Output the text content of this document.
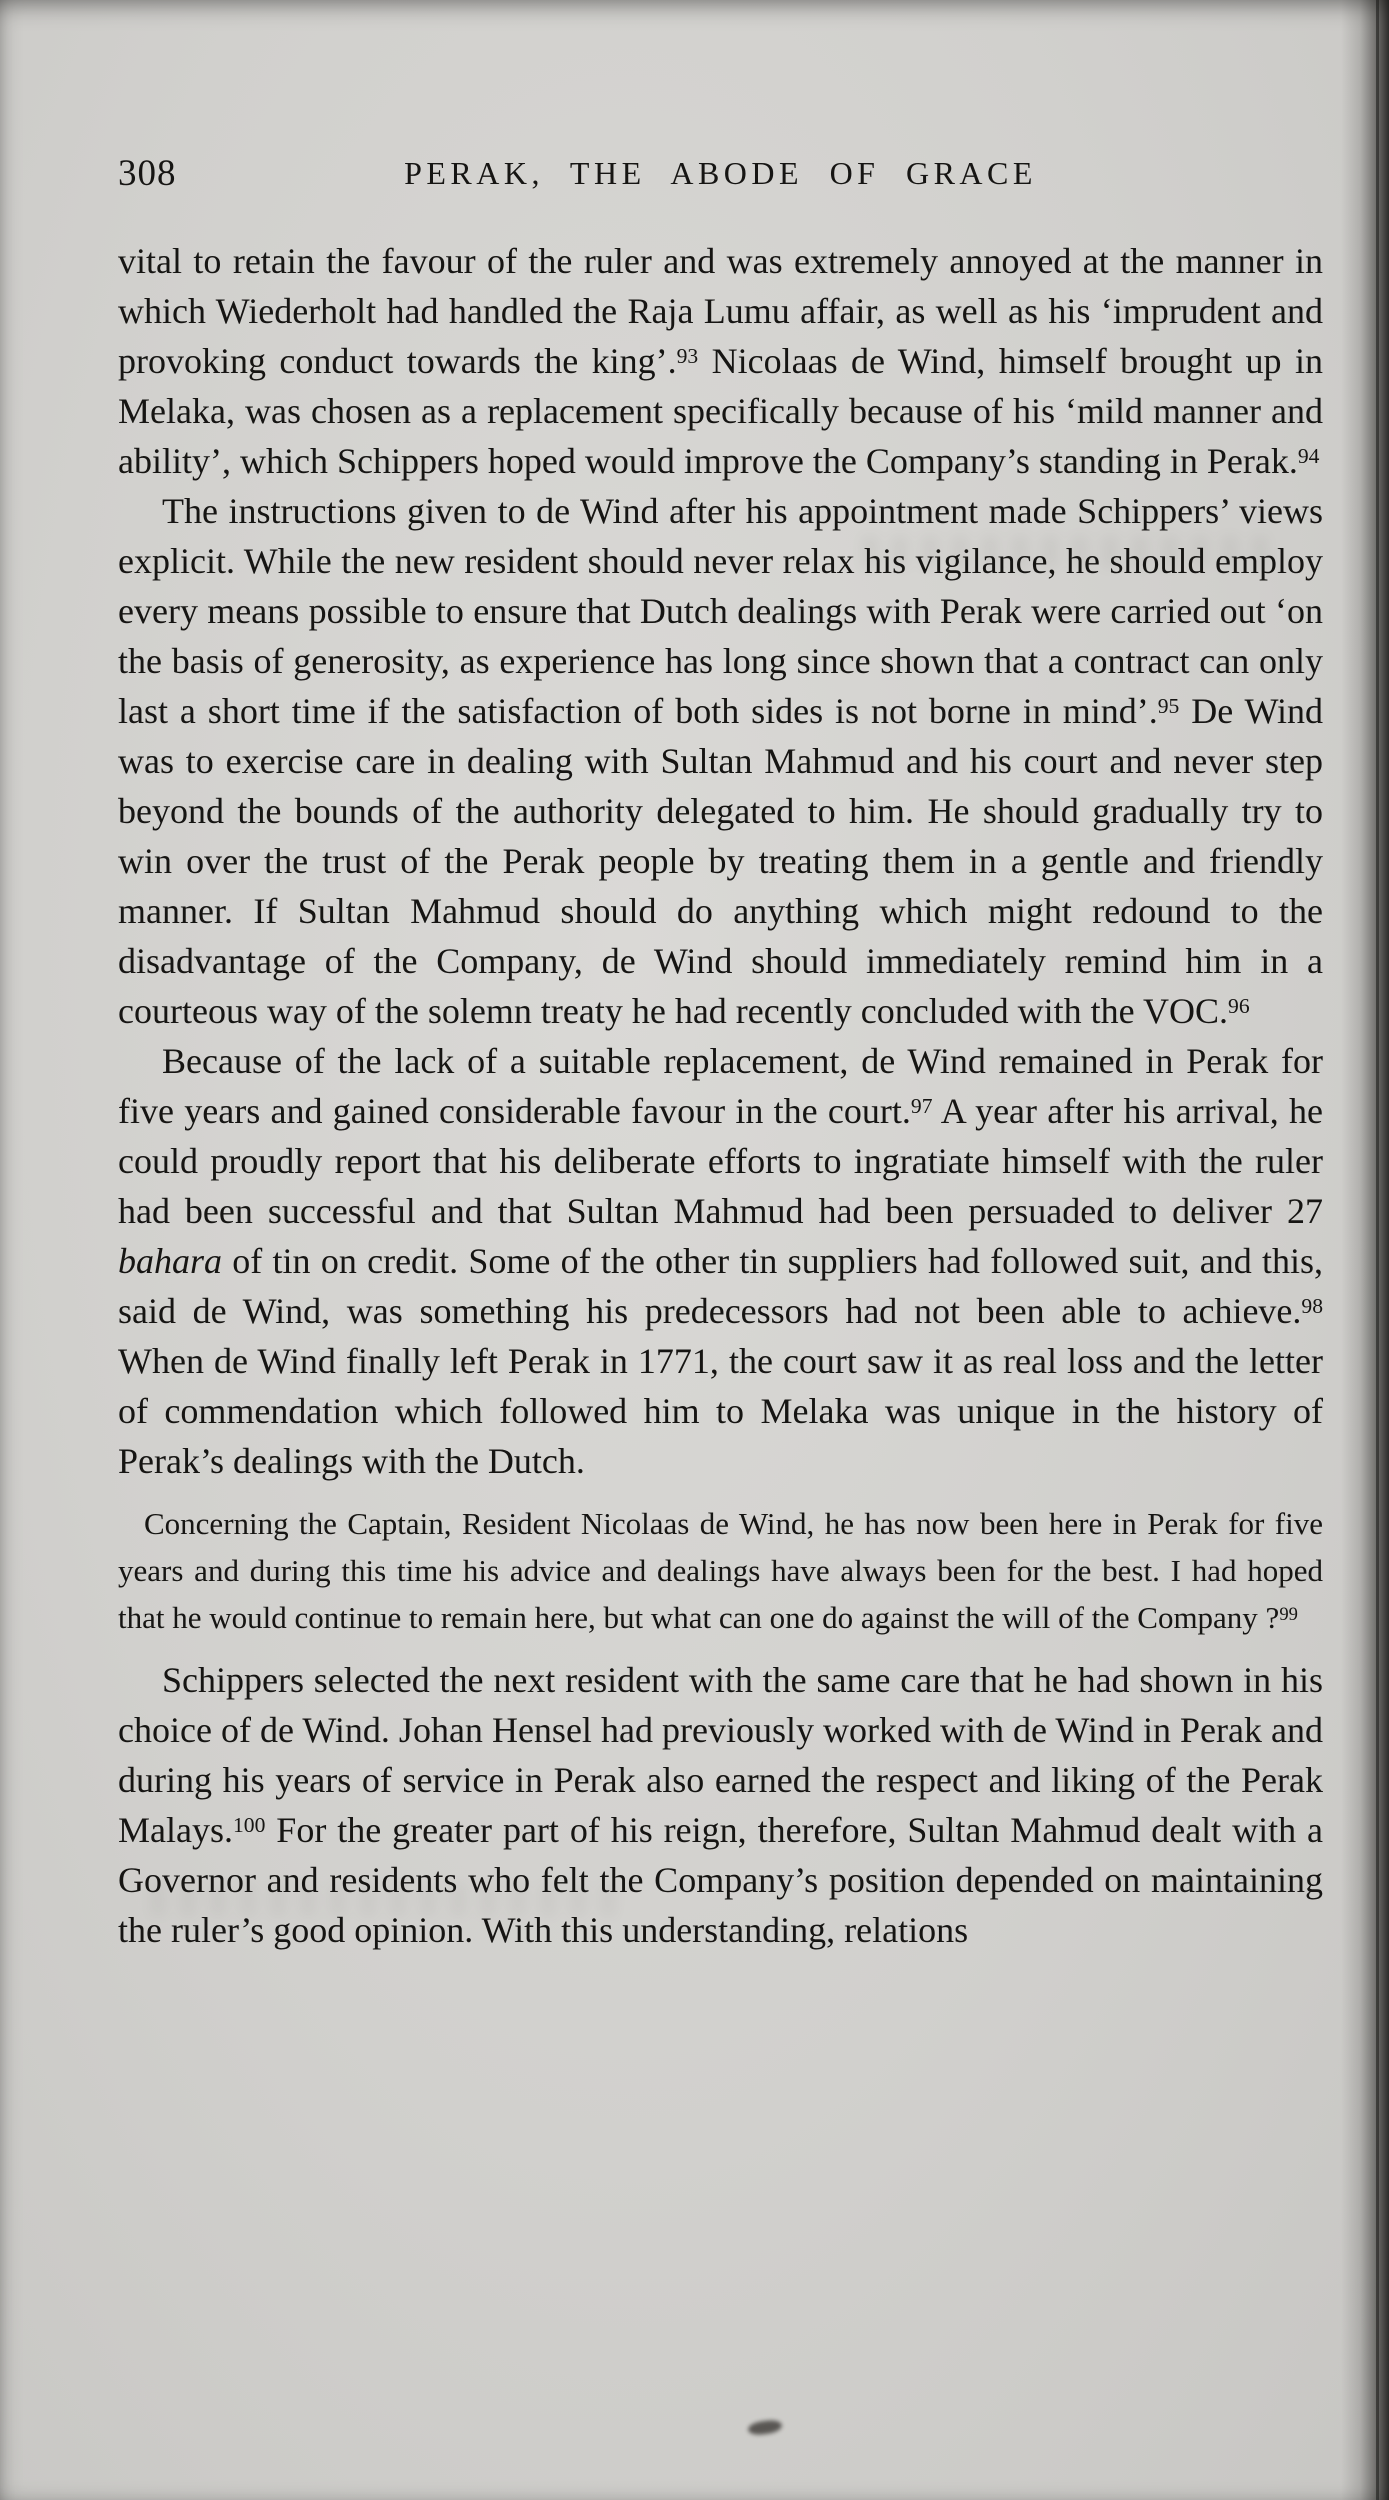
308	PERAK, THE ABODE OF GRACE

vital to retain the favour of the ruler and was extremely annoyed at the manner in which Wiederholt had handled the Raja Lumu affair, as well as his ‘imprudent and provoking conduct towards the king’.$^{93}$ Nicolaas de Wind, himself brought up in Melaka, was chosen as a replacement specifically because of his ‘mild manner and ability’, which Schippers hoped would improve the Company’s standing in Perak.$^{94}$

The instructions given to de Wind after his appointment made Schippers’ views explicit. While the new resident should never relax his vigilance, he should employ every means possible to ensure that Dutch dealings with Perak were carried out ‘on the basis of generosity, as experience has long since shown that a contract can only last a short time if the satisfaction of both sides is not borne in mind’.$^{95}$ De Wind was to exercise care in dealing with Sultan Mahmud and his court and never step beyond the bounds of the authority delegated to him. He should gradually try to win over the trust of the Perak people by treating them in a gentle and friendly manner. If Sultan Mahmud should do anything which might redound to the disadvantage of the Company, de Wind should immediately remind him in a courteous way of the solemn treaty he had recently concluded with the VOC.$^{96}$

Because of the lack of a suitable replacement, de Wind remained in Perak for five years and gained considerable favour in the court.$^{97}$ A year after his arrival, he could proudly report that his deliberate efforts to ingratiate himself with the ruler had been successful and that Sultan Mahmud had been persuaded to deliver 27 bahara of tin on credit. Some of the other tin suppliers had followed suit, and this, said de Wind, was something his predecessors had not been able to achieve.$^{98}$ When de Wind finally left Perak in 1771, the court saw it as real loss and the letter of commendation which followed him to Melaka was unique in the history of Perak’s dealings with the Dutch.

Concerning the Captain, Resident Nicolaas de Wind, he has now been here in Perak for five years and during this time his advice and dealings have always been for the best. I had hoped that he would continue to remain here, but what can one do against the will of the Company ?$^{99}$

Schippers selected the next resident with the same care that he had shown in his choice of de Wind. Johan Hensel had previously worked with de Wind in Perak and during his years of service in Perak also earned the respect and liking of the Perak Malays.$^{100}$ For the greater part of his reign, therefore, Sultan Mahmud dealt with a Governor and residents who felt the Company’s position depended on maintaining the ruler’s good opinion. With this understanding, relations
